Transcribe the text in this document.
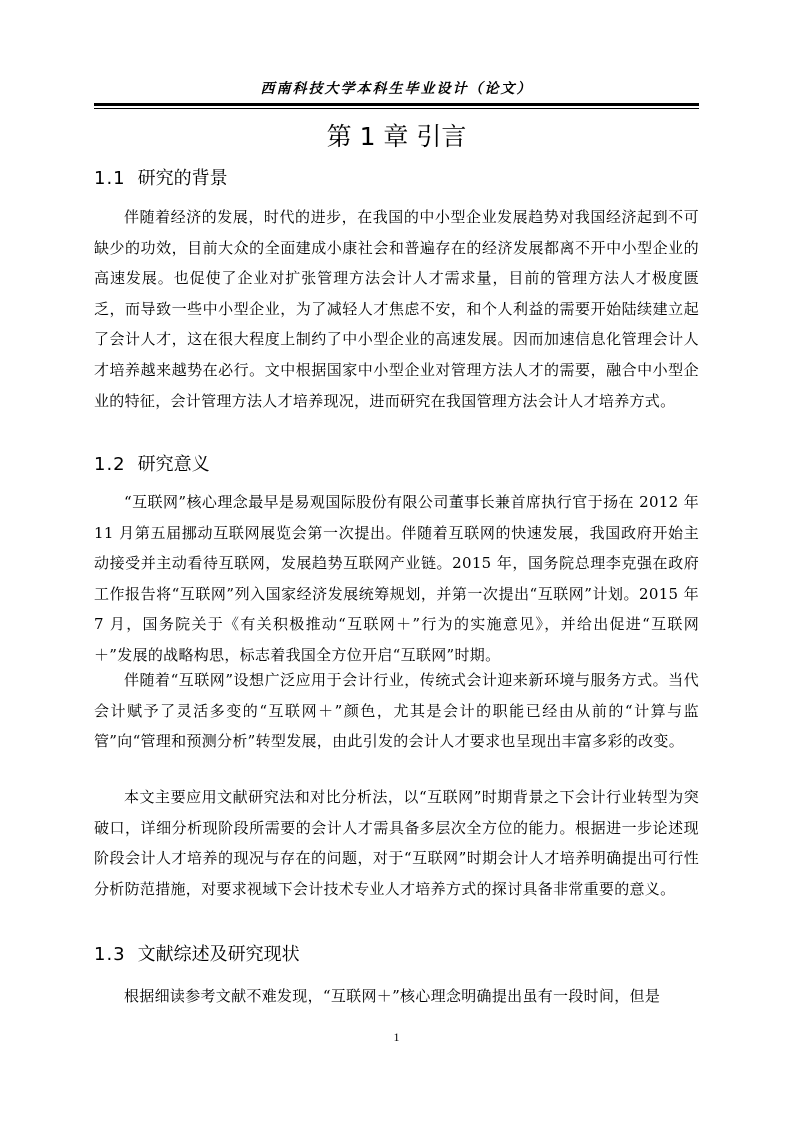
西南科技大学本科生毕业设计（论文）
第 1 章 引言
1.1 研究的背景

伴随着经济的发展，时代的进步，在我国的中小型企业发展趋势对我国经济起到不可缺少的功效，目前大众的全面建成小康社会和普遍存在的经济发展都离不开中小型企业的高速发展。也促使了企业对扩张管理方法会计人才需求量，目前的管理方法人才极度匮乏，而导致一些中小型企业，为了减轻人才焦虑不安，和个人利益的需要开始陆续建立起了会计人才，这在很大程度上制约了中小型企业的高速发展。因而加速信息化管理会计人才培养越来越势在必行。文中根据国家中小型企业对管理方法人才的需要，融合中小型企业的特征，会计管理方法人才培养现况，进而研究在我国管理方法会计人才培养方式。

1.2 研究意义

“互联网”核心理念最早是易观国际股份有限公司董事长兼首席执行官于扬在 2012 年 11 月第五届挪动互联网展览会第一次提出。伴随着互联网的快速发展，我国政府开始主动接受并主动看待互联网，发展趋势互联网产业链。2015 年，国务院总理李克强在政府工作报告将“互联网”列入国家经济发展统筹规划，并第一次提出“互联网”计划。2015 年 7 月，国务院关于《有关积极推动“互联网＋”行为的实施意见》，并给出促进“互联网＋”发展的战略构思，标志着我国全方位开启“互联网”时期。

伴随着“互联网”设想广泛应用于会计行业，传统式会计迎来新环境与服务方式。当代会计赋予了灵活多变的“互联网＋”颜色，尤其是会计的职能已经由从前的“计算与监管”向“管理和预测分析”转型发展，由此引发的会计人才要求也呈现出丰富多彩的改变。

本文主要应用文献研究法和对比分析法，以“互联网”时期背景之下会计行业转型为突破口，详细分析现阶段所需要的会计人才需具备多层次全方位的能力。根据进一步论述现阶段会计人才培养的现况与存在的问题，对于“互联网”时期会计人才培养明确提出可行性分析防范措施，对要求视域下会计技术专业人才培养方式的探讨具备非常重要的意义。

1.3 文献综述及研究现状

根据细读参考文献不难发现，“互联网＋”核心理念明确提出虽有一段时间，但是

1
